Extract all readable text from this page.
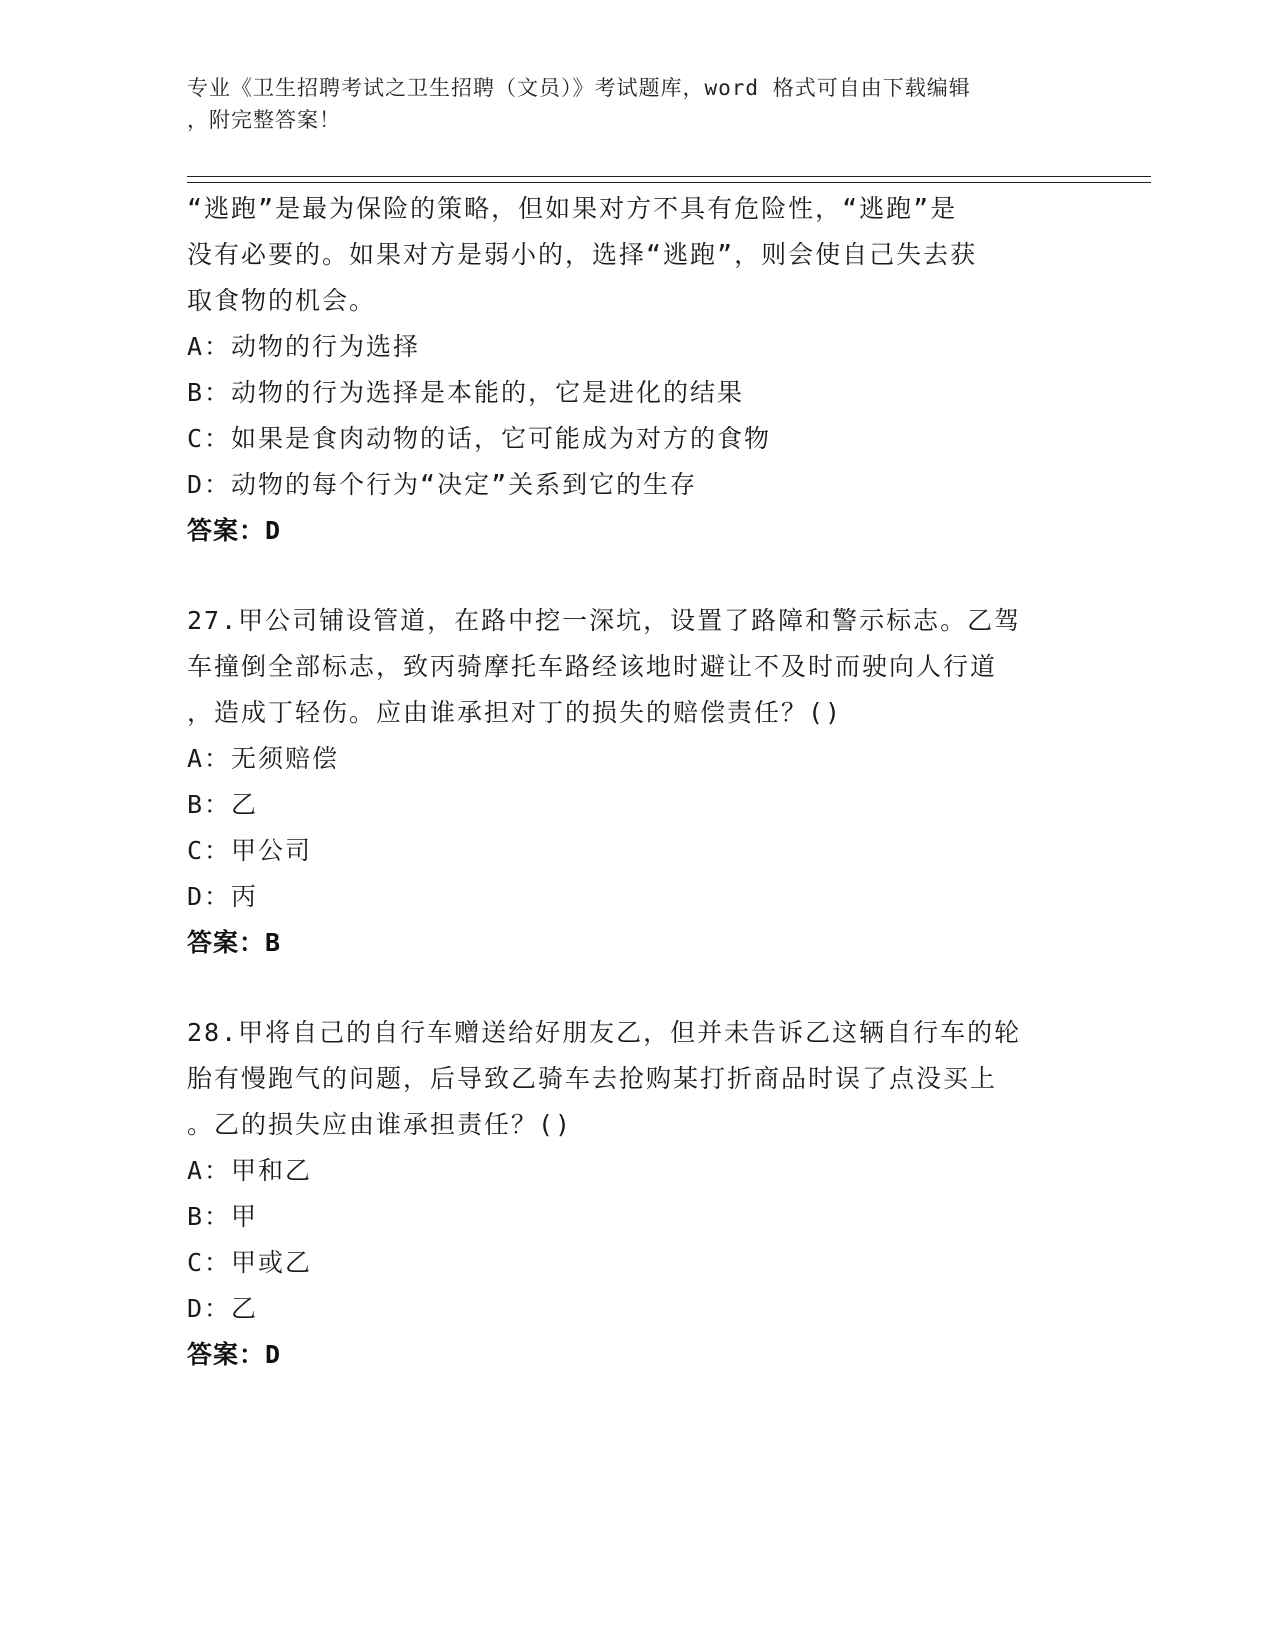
专业《卫生招聘考试之卫生招聘（文员）》考试题库，word 格式可自由下载编辑
，附完整答案！
“逃跑”是最为保险的策略，但如果对方不具有危险性，“逃跑”是
没有必要的。如果对方是弱小的，选择“逃跑”，则会使自己失去获
取食物的机会。
A：动物的行为选择
B：动物的行为选择是本能的，它是进化的结果
C：如果是食肉动物的话，它可能成为对方的食物
D：动物的每个行为“决定”关系到它的生存
答案：D
27.甲公司铺设管道，在路中挖一深坑，设置了路障和警示标志。乙驾
车撞倒全部标志，致丙骑摩托车路经该地时避让不及时而驶向人行道
，造成丁轻伤。应由谁承担对丁的损失的赔偿责任？()
A：无须赔偿
B：乙
C：甲公司
D：丙
答案：B
28.甲将自己的自行车赠送给好朋友乙，但并未告诉乙这辆自行车的轮
胎有慢跑气的问题，后导致乙骑车去抢购某打折商品时误了点没买上
。乙的损失应由谁承担责任？()
A：甲和乙
B：甲
C：甲或乙
D：乙
答案：D
